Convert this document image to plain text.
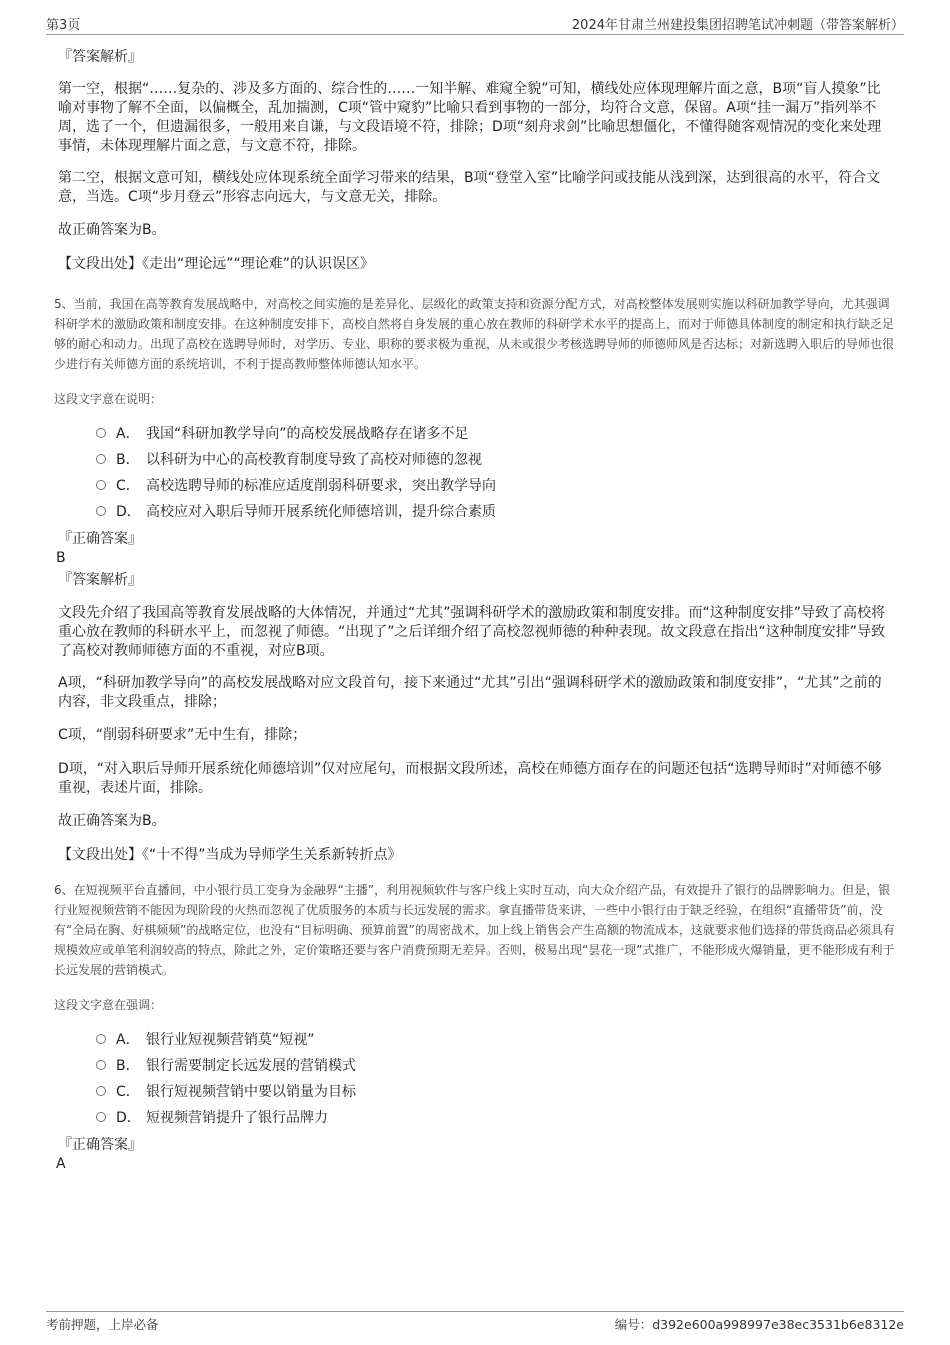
第3页	2024年甘肃兰州建投集团招聘笔试冲刺题（带答案解析）

『答案解析』

第一空，根据“……复杂的、涉及多方面的、综合性的……一知半解、难窥全貌”可知，横线处应体现理解片面之意，B项“盲人摸象”比喻对事物了解不全面，以偏概全，乱加揣测，C项“管中窥豹”比喻只看到事物的一部分，均符合文意，保留。A项“挂一漏万”指列举不周，选了一个，但遗漏很多，一般用来自谦，与文段语境不符，排除；D项“刻舟求剑”比喻思想僵化，不懂得随客观情况的变化来处理事情，未体现理解片面之意，与文意不符，排除。

第二空，根据文意可知，横线处应体现系统全面学习带来的结果，B项“登堂入室”比喻学问或技能从浅到深，达到很高的水平，符合文意，当选。C项“步月登云”形容志向远大，与文意无关，排除。

故正确答案为B。

【文段出处】《走出“理论远”“理论难”的认识误区》

5、当前，我国在高等教育发展战略中，对高校之间实施的是差异化、层级化的政策支持和资源分配方式，对高校整体发展则实施以科研加教学导向，尤其强调科研学术的激励政策和制度安排。在这种制度安排下，高校自然将自身发展的重心放在教师的科研学术水平的提高上，而对于师德具体制度的制定和执行缺乏足够的耐心和动力。出现了高校在选聘导师时，对学历、专业、职称的要求极为重视，从未或很少考核选聘导师的师德师风是否达标；对新选聘入职后的导师也很少进行有关师德方面的系统培训，不利于提高教师整体师德认知水平。

这段文字意在说明：

A． 我国“科研加教学导向”的高校发展战略存在诸多不足
B． 以科研为中心的高校教育制度导致了高校对师德的忽视
C． 高校选聘导师的标准应适度削弱科研要求，突出教学导向
D． 高校应对入职后导师开展系统化师德培训，提升综合素质

『正确答案』

B

『答案解析』

文段先介绍了我国高等教育发展战略的大体情况，并通过“尤其”强调科研学术的激励政策和制度安排。而“这种制度安排”导致了高校将重心放在教师的科研水平上，而忽视了师德。“出现了”之后详细介绍了高校忽视师德的种种表现。故文段意在指出“这种制度安排”导致了高校对教师师德方面的不重视，对应B项。

A项，“科研加教学导向”的高校发展战略对应文段首句，接下来通过“尤其”引出“强调科研学术的激励政策和制度安排”，“尤其”之前的内容，非文段重点，排除；

C项，“削弱科研要求”无中生有，排除；

D项，“对入职后导师开展系统化师德培训”仅对应尾句，而根据文段所述，高校在师德方面存在的问题还包括“选聘导师时”对师德不够重视，表述片面，排除。

故正确答案为B。

【文段出处】《“十不得”当成为导师学生关系新转折点》

6、在短视频平台直播间，中小银行员工变身为金融界“主播”，利用视频软件与客户线上实时互动，向大众介绍产品，有效提升了银行的品牌影响力。但是，银行业短视频营销不能因为现阶段的火热而忽视了优质服务的本质与长远发展的需求。拿直播带货来讲，一些中小银行由于缺乏经验，在组织“直播带货”前，没有“全局在胸、好棋频频”的战略定位，也没有“目标明确、预算前置”的周密战术，加上线上销售会产生高额的物流成本，这就要求他们选择的带货商品必须具有规模效应或单笔利润较高的特点，除此之外，定价策略还要与客户消费预期无差异。否则，极易出现“昙花一现”式推广，不能形成火爆销量，更不能形成有利于长远发展的营销模式。

这段文字意在强调：

A． 银行业短视频营销莫“短视”
B． 银行需要制定长远发展的营销模式
C． 银行短视频营销中要以销量为目标
D． 短视频营销提升了银行品牌力

『正确答案』

A

考前押题，上岸必备	编号：d392e600a998997e38ec3531b6e8312e
